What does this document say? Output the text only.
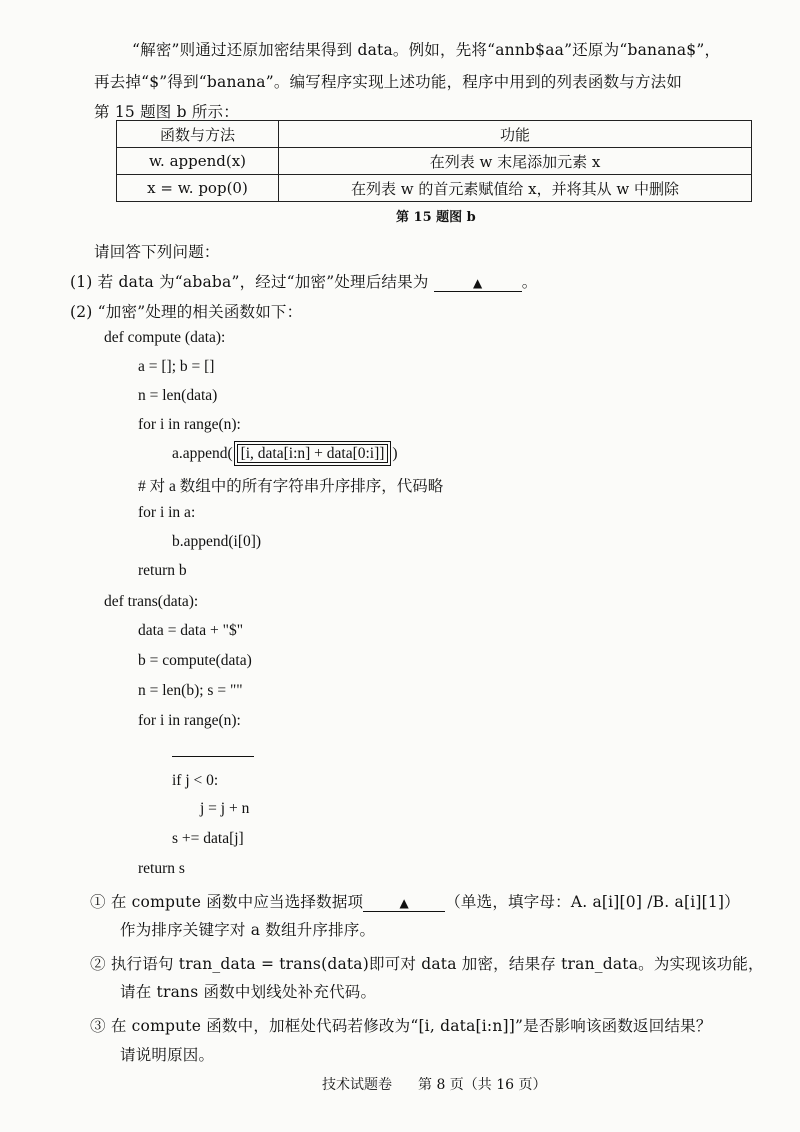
“解密”则通过还原加密结果得到 data。例如，先将“annb$aa”还原为“banana$”，
再去掉“$”得到“banana”。编写程序实现上述功能，程序中用到的列表函数与方法如
第 15 题图 b 所示：
函数与方法	功能
w. append(x)	在列表 w 末尾添加元素 x
x = w. pop(0)	在列表 w 的首元素赋值给 x，并将其从 w 中删除
第 15 题图 b
请回答下列问题：
(1) 若 data 为“ababa”，经过“加密”处理后结果为	▲	。
(2) “加密”处理的相关函数如下：
def compute (data):
a = []; b = []
n = len(data)
for i in range(n):
a.append( [i, data[i:n] + data[0:i]] )
# 对 a 数组中的所有字符串升序排序，代码略
for i in a:
b.append(i[0])
return b
def trans(data):
data = data + "$"
b = compute(data)
n = len(b); s = ""
for i in range(n):
if j < 0:
j = j + n
s += data[j]
return s
① 在 compute 函数中应当选择数据项	▲ （单选，填字母：A. a[i][0] /B. a[i][1]）
作为排序关键字对 a 数组升序排序。
② 执行语句 tran_data = trans(data)即可对 data 加密，结果存 tran_data。为实现该功能，
请在 trans 函数中划线处补充代码。
③ 在 compute 函数中，加框处代码若修改为“[i, data[i:n]]”是否影响该函数返回结果？
请说明原因。
技术试题卷 第 8 页（共 16 页）
